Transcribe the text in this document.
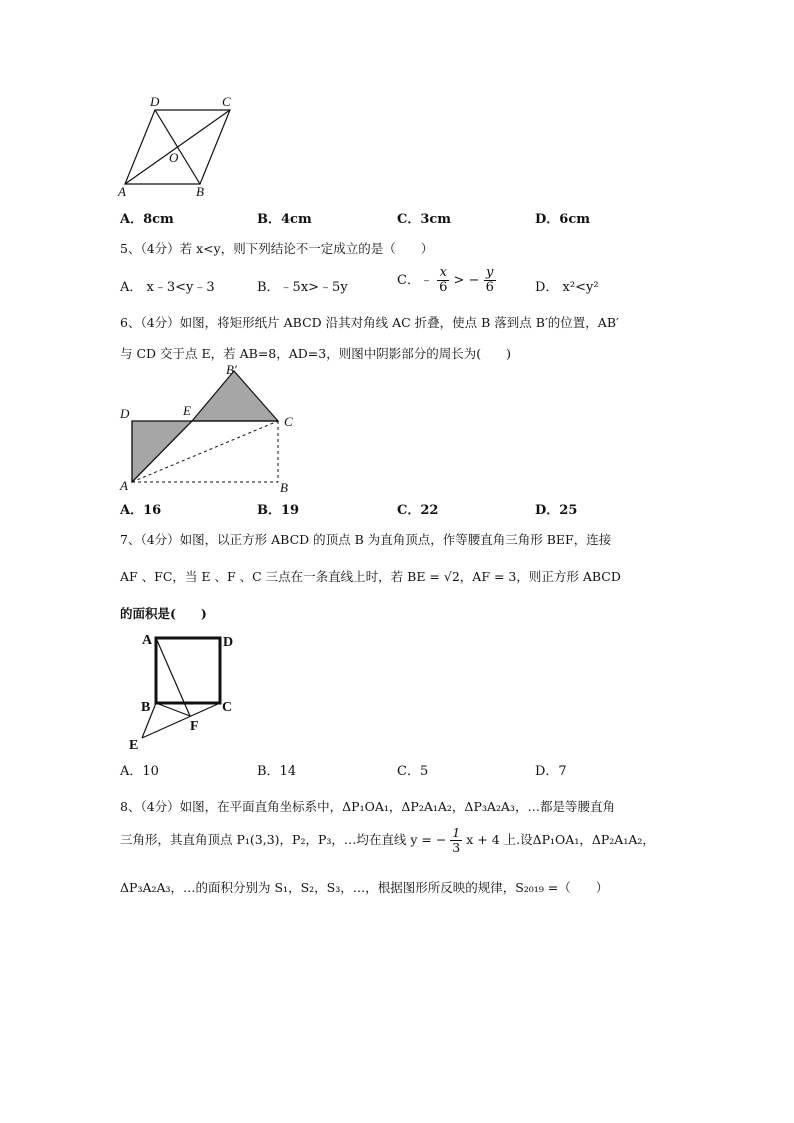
D	C
O
A	B
A．8cm	B．4cm	C．3cm	D．6cm
5、（4分）若 x<y，则下列结论不一定成立的是（　　）
A． x﹣3<y﹣3	B．﹣5x>﹣5y	C．﹣ $\frac{x}{6}$ > − $\frac{y}{6}$	D． x²<y²
6、（4分）如图，将矩形纸片 ABCD 沿其对角线 AC 折叠，使点 B 落到点 B′的位置，AB′
与 CD 交于点 E，若 AB=8，AD=3，则图中阴影部分的周长为(　　)
B′
D	E
C
A	B
A．16	B．19	C．22	D．25
7、（4分）如图，以正方形 ABCD 的顶点 B 为直角顶点，作等腰直角三角形 BEF，连接
AF 、FC，当 E 、F 、C 三点在一条直线上时，若 BE = √2，AF = 3，则正方形 ABCD
的面积是(　　)
A	D
B	C
F
E
A．10	B．14	C．5	D．7
8、（4分）如图，在平面直角坐标系中，ΔP₁OA₁，ΔP₂A₁A₂，ΔP₃A₂A₃，…都是等腰直角
三角形，其直角顶点 P₁(3,3)，P₂，P₃，…均在直线 y = − $\frac{1}{3}$ x + 4 上.设ΔP₁OA₁，ΔP₂A₁A₂，
ΔP₃A₂A₃，…的面积分别为 S₁，S₂，S₃，…，根据图形所反映的规律，S₂₀₁₉ =（　　）
